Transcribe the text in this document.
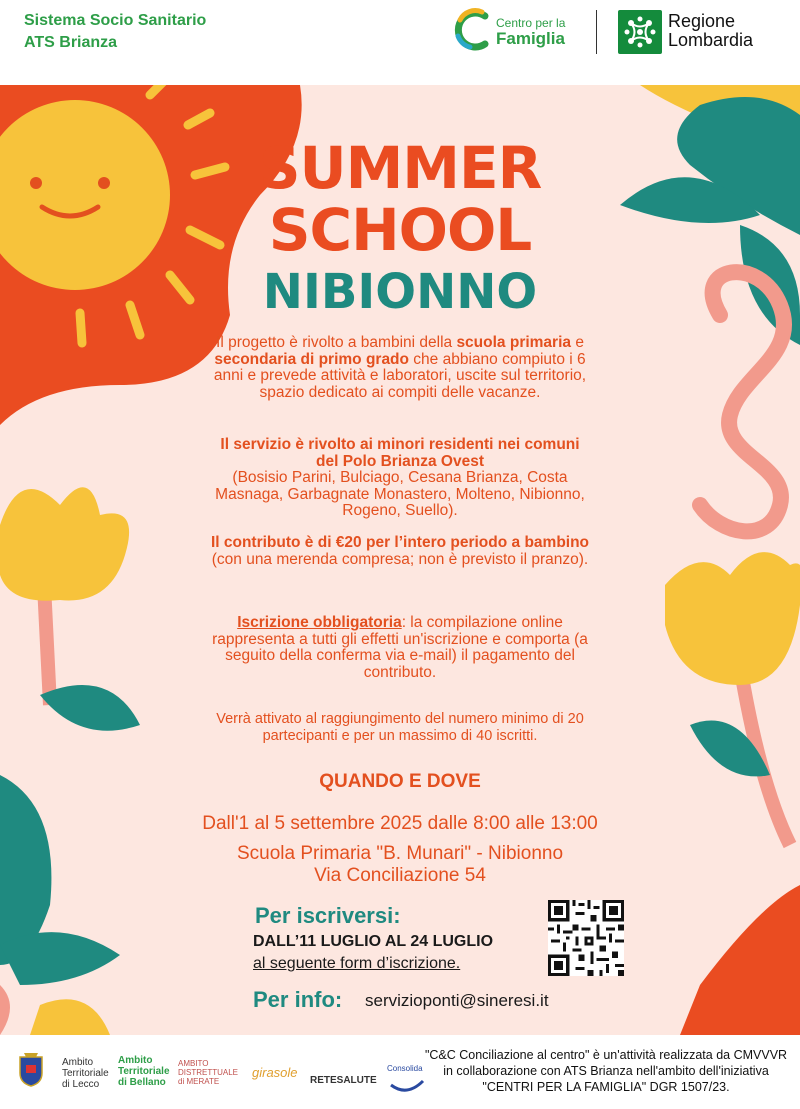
Sistema Socio Sanitario
ATS Brianza
Centro per la
Famiglia
Regione
Lombardia
SUMMER
SCHOOL
NIBIONNO
Il progetto è rivolto a bambini della scuola primaria e secondaria di primo grado che abbiano compiuto i 6 anni e prevede attività e laboratori, uscite sul territorio, spazio dedicato ai compiti delle vacanze.
Il servizio è rivolto ai minori residenti nei comuni del Polo Brianza Ovest
(Bosisio Parini, Bulciago, Cesana Brianza, Costa Masnaga, Garbagnate Monastero, Molteno, Nibionno, Rogeno, Suello).
Il contributo è di €20 per l’intero periodo a bambino
(con una merenda compresa; non è previsto il pranzo).
Iscrizione obbligatoria: la compilazione online rappresenta a tutti gli effetti un'iscrizione e comporta (a seguito della conferma via e-mail) il pagamento del contributo.
Verrà attivato al raggiungimento del numero minimo di 20 partecipanti e per un massimo di 40 iscritti.
QUANDO E DOVE
Dall'1 al 5 settembre 2025 dalle 8:00 alle 13:00
Scuola Primaria "B. Munari" - Nibionno
Via Conciliazione 54
Per iscriversi:
DALL’11 LUGLIO AL 24 LUGLIO
al seguente form d’iscrizione.
Per info: servizioponti@sineresi.it
Ambito
Territoriale
di Lecco
Ambito
Territoriale
di Bellano
AMBITO
DISTRETTUALE
di MERATE
girasole
RETESALUTE
Consolida
"C&C Conciliazione al centro" è un'attività realizzata da CMVVVR in collaborazione con ATS Brianza nell'ambito dell'iniziativa "CENTRI PER LA FAMIGLIA" DGR 1507/23.
